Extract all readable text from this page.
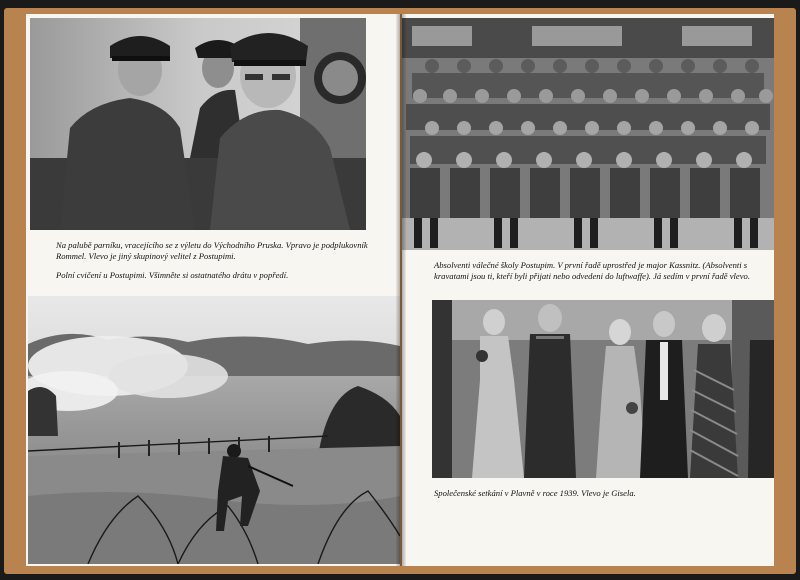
Na palubě parníku, vracejícího se z výletu do Východního Pruska. Vpravo je podplukovník Rommel. Vlevo je jiný skupinový velitel z Postupimi.

Polní cvičení u Postupimi. Všimněte si ostatnatého drátu v popředí.

Absolventi válečné školy Postupim. V první řadě uprostřed je major Kassnitz. (Absolventi s kravatami jsou ti, kteří byli přijati nebo odvedeni do luftwaffe). Já sedím v první řadě vlevo.

Společenské setkání v Plavně v roce 1939. Vlevo je Gisela.
